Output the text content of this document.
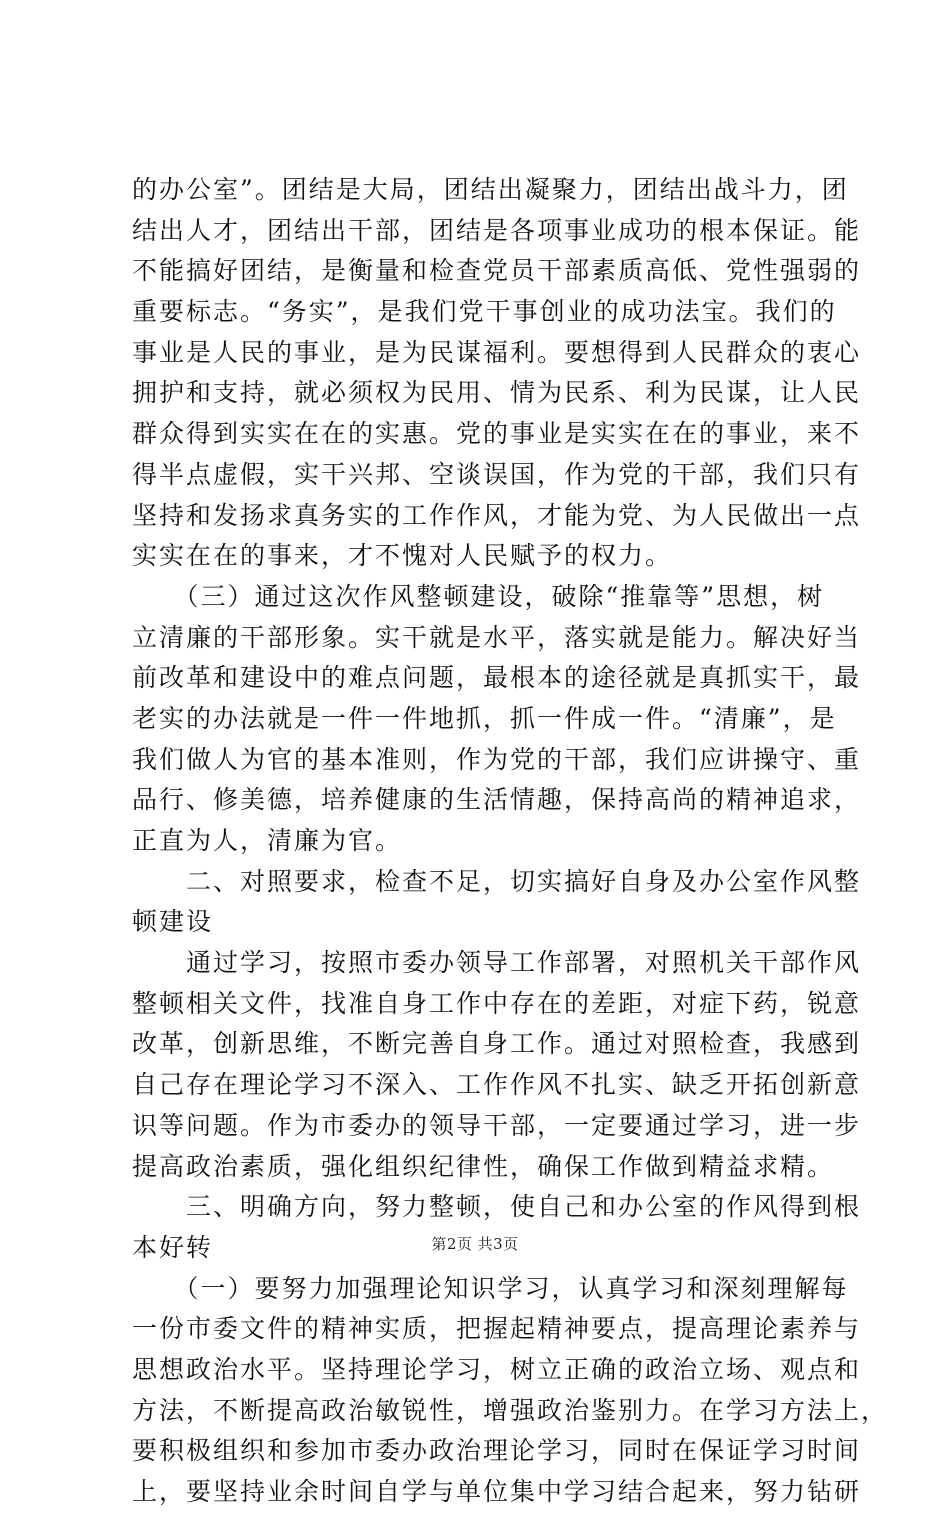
的办公室”。团结是大局，团结出凝聚力，团结出战斗力，团
结出人才，团结出干部，团结是各项事业成功的根本保证。能
不能搞好团结，是衡量和检查党员干部素质高低、党性强弱的
重要标志。“务实”，是我们党干事创业的成功法宝。我们的
事业是人民的事业，是为民谋福利。要想得到人民群众的衷心
拥护和支持，就必须权为民用、情为民系、利为民谋，让人民
群众得到实实在在的实惠。党的事业是实实在在的事业，来不
得半点虚假，实干兴邦、空谈误国，作为党的干部，我们只有
坚持和发扬求真务实的工作作风，才能为党、为人民做出一点
实实在在的事来，才不愧对人民赋予的权力。
　　（三）通过这次作风整顿建设，破除“推靠等”思想，树
立清廉的干部形象。实干就是水平，落实就是能力。解决好当
前改革和建设中的难点问题，最根本的途径就是真抓实干，最
老实的办法就是一件一件地抓，抓一件成一件。“清廉”，是
我们做人为官的基本准则，作为党的干部，我们应讲操守、重
品行、修美德，培养健康的生活情趣，保持高尚的精神追求，
正直为人，清廉为官。
　　二、对照要求，检查不足，切实搞好自身及办公室作风整
顿建设
　　通过学习，按照市委办领导工作部署，对照机关干部作风
整顿相关文件，找准自身工作中存在的差距，对症下药，锐意
改革，创新思维，不断完善自身工作。通过对照检查，我感到
自己存在理论学习不深入、工作作风不扎实、缺乏开拓创新意
识等问题。作为市委办的领导干部，一定要通过学习，进一步
提高政治素质，强化组织纪律性，确保工作做到精益求精。
　　三、明确方向，努力整顿，使自己和办公室的作风得到根
本好转
　　（一）要努力加强理论知识学习，认真学习和深刻理解每
一份市委文件的精神实质，把握起精神要点，提高理论素养与
思想政治水平。坚持理论学习，树立正确的政治立场、观点和
方法，不断提高政治敏锐性，增强政治鉴别力。在学习方法上，
要积极组织和参加市委办政治理论学习，同时在保证学习时间
上，要坚持业余时间自学与单位集中学习结合起来，努力钻研
第2页 共3页
